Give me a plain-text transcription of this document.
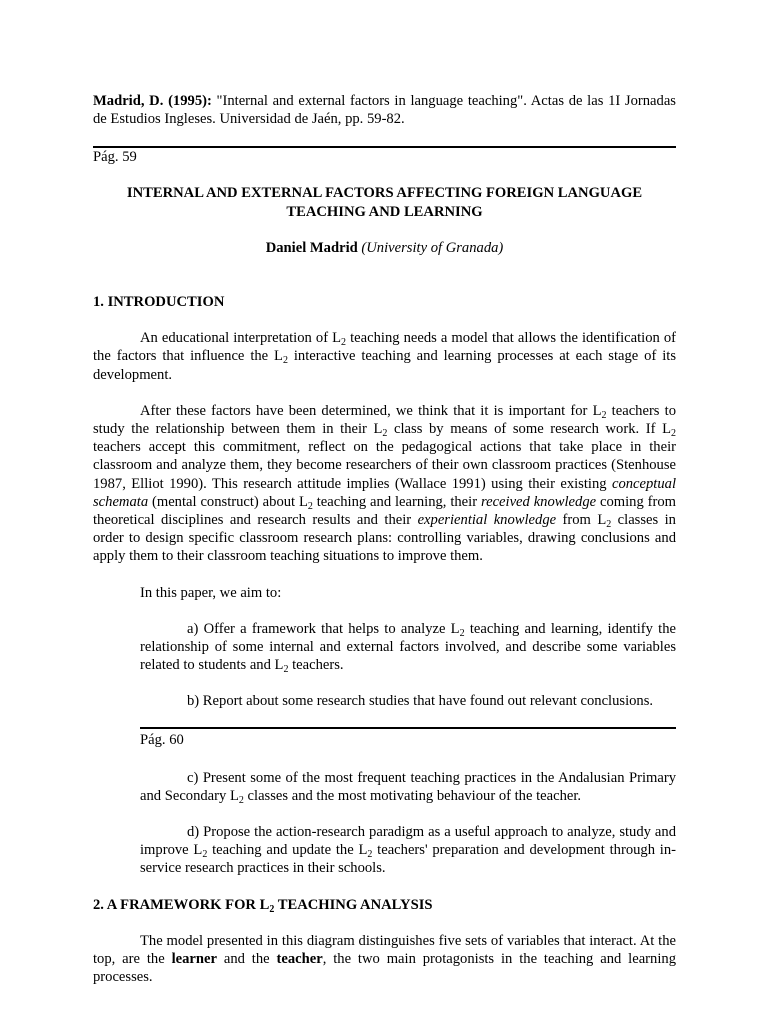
Madrid, D. (1995): "Internal and external factors in language teaching". Actas de las 1I Jornadas de Estudios Ingleses. Universidad de Jaén, pp. 59-82.

Pág. 59

INTERNAL AND EXTERNAL FACTORS AFFECTING FOREIGN LANGUAGE
TEACHING AND LEARNING

Daniel Madrid (University of Granada)

1. INTRODUCTION

An educational interpretation of $L_2$ teaching needs a model that allows the identification of the factors that influence the $L_2$ interactive teaching and learning processes at each stage of its development.

After these factors have been determined, we think that it is important for $L_2$ teachers to study the relationship between them in their $L_2$ class by means of some research work. If $L_2$ teachers accept this commitment, reflect on the pedagogical actions that take place in their classroom and analyze them, they become researchers of their own classroom practices (Stenhouse 1987, Elliot 1990). This research attitude implies (Wallace 1991) using their existing conceptual schemata (mental construct) about $L_2$ teaching and learning, their received knowledge coming from theoretical disciplines and research results and their experiential knowledge from $L_2$ classes in order to design specific classroom research plans: controlling variables, drawing conclusions and apply them to their classroom teaching situations to improve them.

In this paper, we aim to:

a) Offer a framework that helps to analyze $L_2$ teaching and learning, identify the relationship of some internal and external factors involved, and describe some variables related to students and $L_2$ teachers.

b) Report about some research studies that have found out relevant conclusions.

Pág. 60

c) Present some of the most frequent teaching practices in the Andalusian Primary and Secondary $L_2$ classes and the most motivating behaviour of the teacher.

d) Propose the action-research paradigm as a useful approach to analyze, study and improve $L_2$ teaching and update the $L_2$ teachers' preparation and development through in-service research practices in their schools.

2. A FRAMEWORK FOR $L_2$ TEACHING ANALYSIS

The model presented in this diagram distinguishes five sets of variables that interact. At the top, are the learner and the teacher, the two main protagonists in the teaching and learning processes.
